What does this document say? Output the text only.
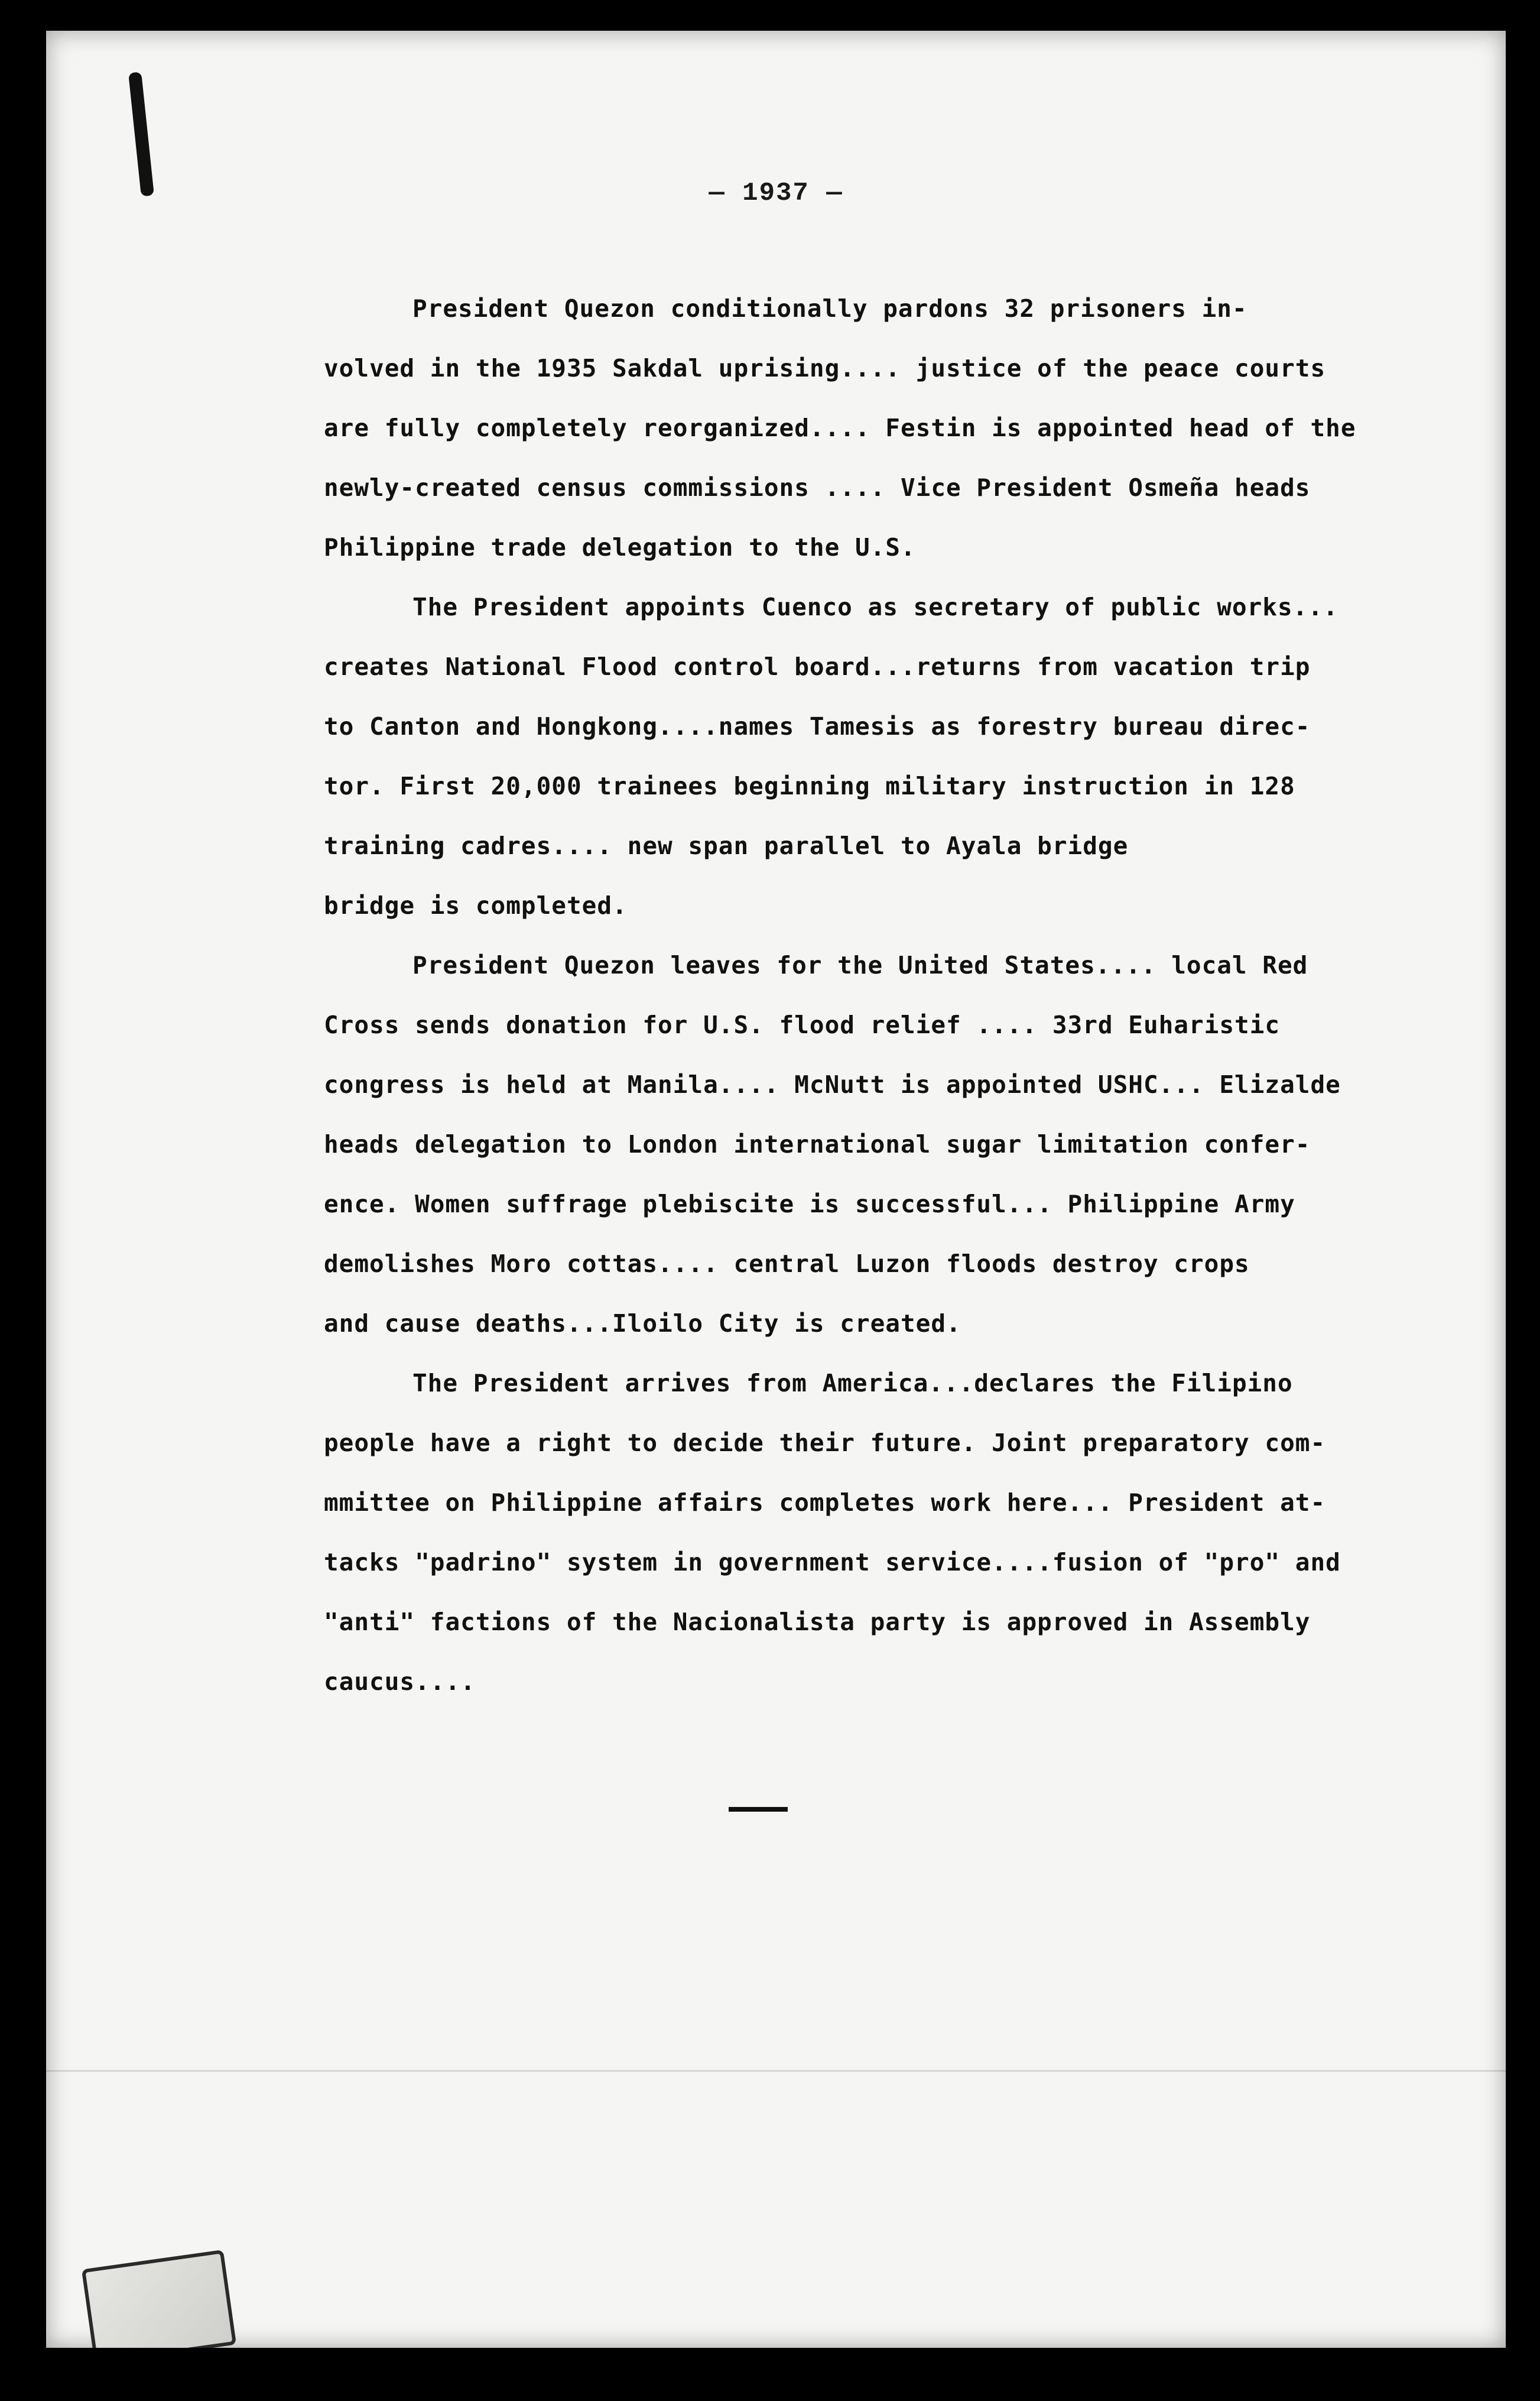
— 1937 —

President Quezon conditionally pardons 32 prisoners in-
volved in the 1935 Sakdal uprising.... justice of the peace courts
are fully completely reorganized.... Festin is appointed head of the
newly-created census commissions .... Vice President Osmeña heads
Philippine trade delegation to the U.S.

The President appoints Cuenco as secretary of public works...
creates National Flood control board...returns from vacation trip
to Canton and Hongkong....names Tamesis as forestry bureau direc-
tor. First 20,000 trainees beginning military instruction in 128
training cadres.... new span parallel to Ayala bridge
bridge is completed.

President Quezon leaves for the United States.... local Red
Cross sends donation for U.S. flood relief .... 33rd Euharistic
congress is held at Manila.... McNutt is appointed USHC... Elizalde
heads delegation to London international sugar limitation confer-
ence. Women suffrage plebiscite is successful... Philippine Army
demolishes Moro cottas.... central Luzon floods destroy crops
and cause deaths...Iloilo City is created.

The President arrives from America...declares the Filipino
people have a right to decide their future. Joint preparatory com-
mmittee on Philippine affairs completes work here... President at-
tacks "padrino" system in government service....fusion of "pro" and
"anti" factions of the Nacionalista party is approved in Assembly
caucus....
